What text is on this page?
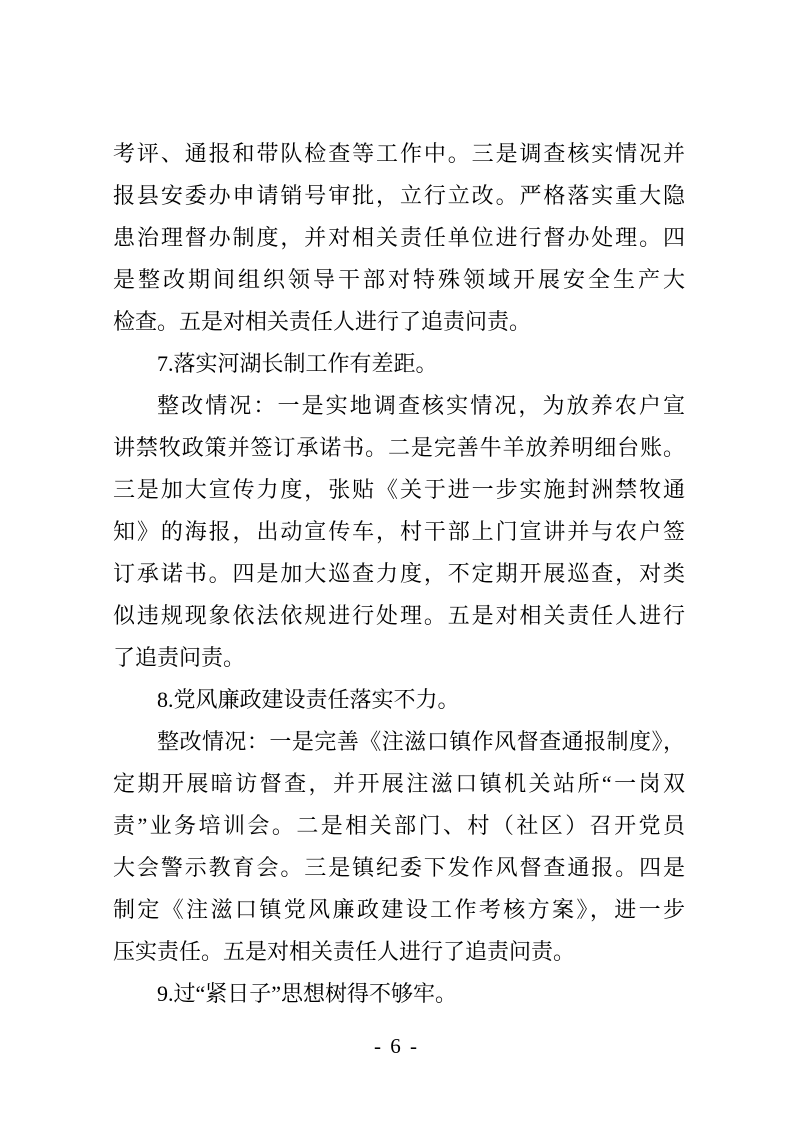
考评、通报和带队检查等工作中。三是调查核实情况并
报县安委办申请销号审批，立行立改。严格落实重大隐
患治理督办制度，并对相关责任单位进行督办处理。四
是整改期间组织领导干部对特殊领域开展安全生产大
检查。五是对相关责任人进行了追责问责。
7.落实河湖长制工作有差距。
整改情况：一是实地调查核实情况，为放养农户宣
讲禁牧政策并签订承诺书。二是完善牛羊放养明细台账。
三是加大宣传力度，张贴《关于进一步实施封洲禁牧通
知》的海报，出动宣传车，村干部上门宣讲并与农户签
订承诺书。四是加大巡查力度，不定期开展巡查，对类
似违规现象依法依规进行处理。五是对相关责任人进行
了追责问责。
8.党风廉政建设责任落实不力。
整改情况：一是完善《注滋口镇作风督查通报制度》，
定期开展暗访督查，并开展注滋口镇机关站所“一岗双
责”业务培训会。二是相关部门、村（社区）召开党员
大会警示教育会。三是镇纪委下发作风督查通报。四是
制定《注滋口镇党风廉政建设工作考核方案》，进一步
压实责任。五是对相关责任人进行了追责问责。
9.过“紧日子”思想树得不够牢。
- 6 -
